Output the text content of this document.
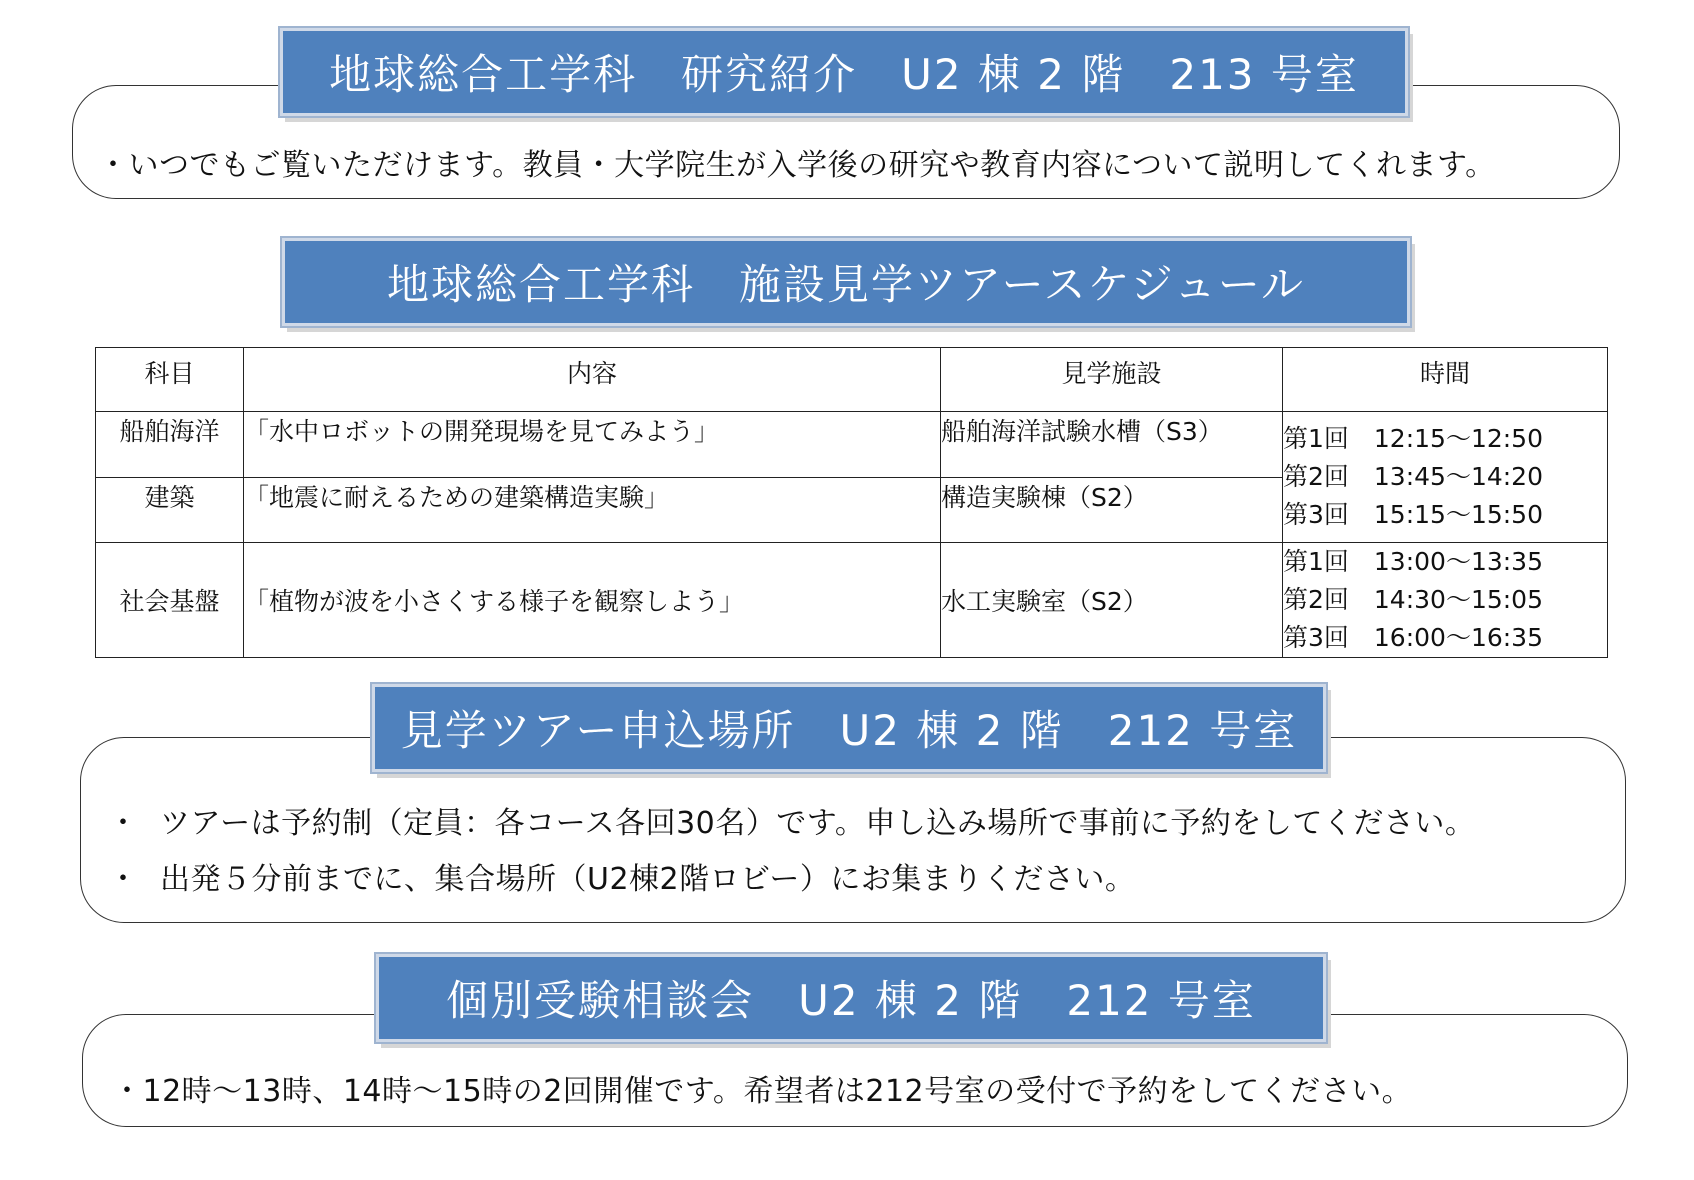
地球総合工学科　研究紹介　U2 棟 2 階　213 号室
・いつでもご覧いただけます。教員・大学院生が入学後の研究や教育内容について説明してくれます。
地球総合工学科　施設見学ツアースケジュール
科目	内容	見学施設	時間
船舶海洋	「水中ロボットの開発現場を見てみよう」	船舶海洋試験水槽（S3）	第1回　12:15～12:50
第2回　13:45～14:20
第3回　15:15～15:50

建築	「地震に耐えるための建築構造実験」	構造実験棟（S2）	
社会基盤	「植物が波を小さくする様子を観察しよう」	水工実験室（S2）	第1回　13:00～13:35
第2回　14:30～15:05
第3回　16:00～16:35
見学ツアー申込場所　U2 棟 2 階　212 号室
・ ツアーは予約制（定員：各コース各回30名）です。申し込み場所で事前に予約をしてください。
・ 出発５分前までに、集合場所（U2棟2階ロビー）にお集まりください。
個別受験相談会　U2 棟 2 階　212 号室
・12時～13時、14時～15時の2回開催です。希望者は212号室の受付で予約をしてください。
